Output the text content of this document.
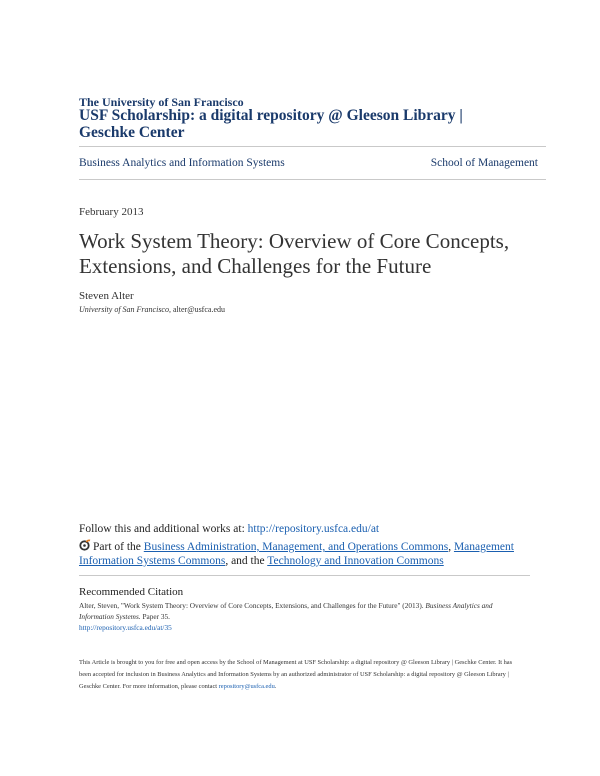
The University of San Francisco
USF Scholarship: a digital repository @ Gleeson Library | Geschke Center
Business Analytics and Information Systems	School of Management
February 2013
Work System Theory: Overview of Core Concepts, Extensions, and Challenges for the Future
Steven Alter
University of San Francisco, alter@usfca.edu
Follow this and additional works at: http://repository.usfca.edu/at
Part of the Business Administration, Management, and Operations Commons, Management Information Systems Commons, and the Technology and Innovation Commons
Recommended Citation
Alter, Steven, "Work System Theory: Overview of Core Concepts, Extensions, and Challenges for the Future" (2013). Business Analytics and Information Systems. Paper 35.
http://repository.usfca.edu/at/35
This Article is brought to you for free and open access by the School of Management at USF Scholarship: a digital repository @ Gleeson Library | Geschke Center. It has been accepted for inclusion in Business Analytics and Information Systems by an authorized administrator of USF Scholarship: a digital repository @ Gleeson Library | Geschke Center. For more information, please contact repository@usfca.edu.
